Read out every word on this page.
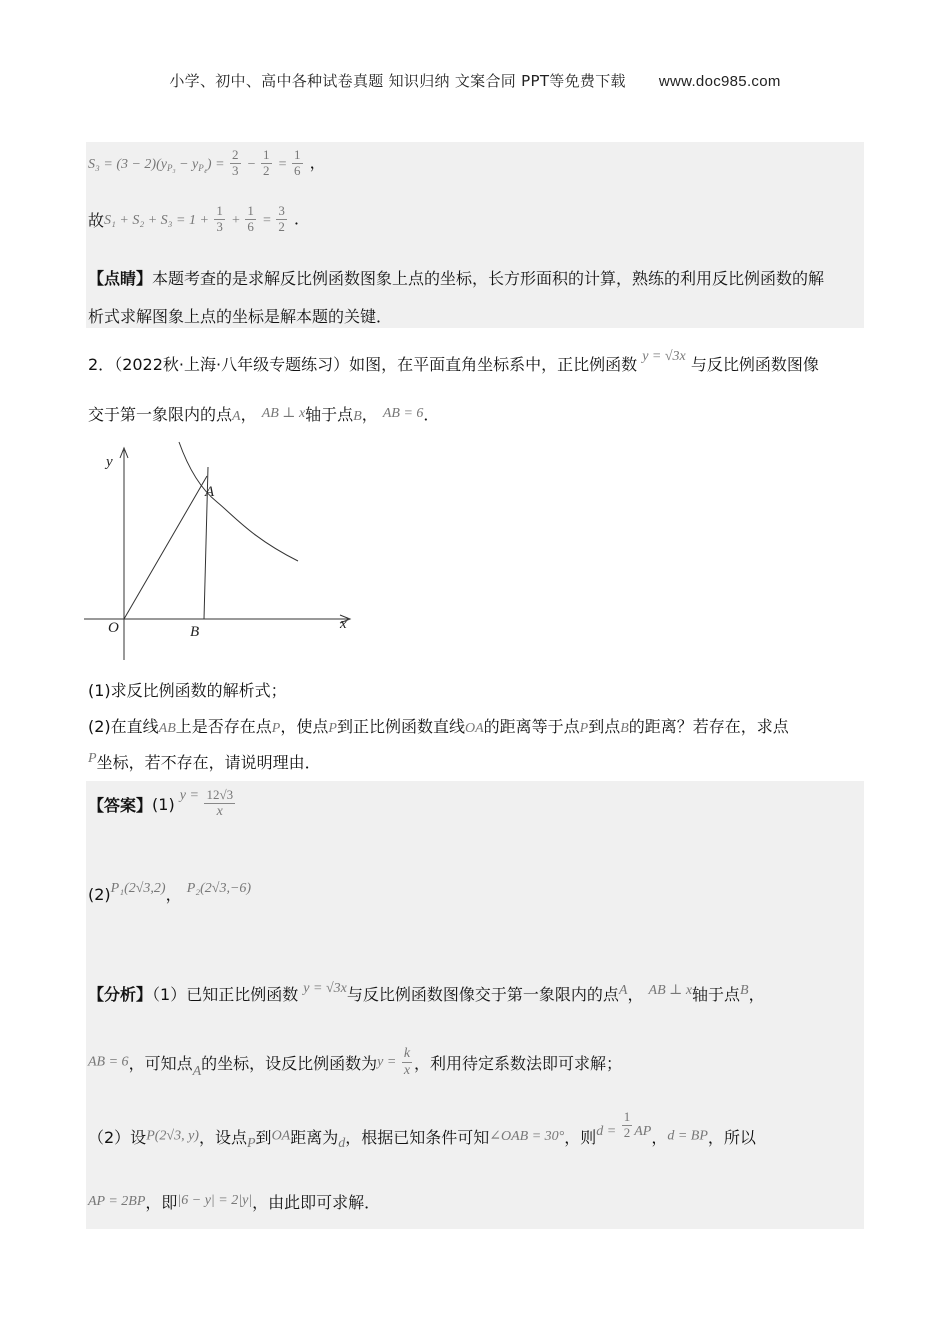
小学、初中、高中各种试卷真题 知识归纳 文案合同 PPT等免费下载 www.doc985.com
$S_3 = (3 - 2)(y_{P_3} - y_{P_4}) = \frac{2}{3} - \frac{1}{2} = \frac{1}{6}$ ，
故$S_1 + S_2 + S_3 = 1 + \frac{1}{3} + \frac{1}{6} = \frac{3}{2}$ ．
【点睛】本题考查的是求解反比例函数图象上点的坐标，长方形面积的计算，熟练的利用反比例函数的解
析式求解图象上点的坐标是解本题的关键．
2．（2022秋·上海·八年级专题练习）如图，在平面直角坐标系中，正比例函数 y = √3x 与反比例函数图像
交于第一象限内的点A， AB ⊥ x轴于点B， AB = 6．
y
x
O
A
B
(1)求反比例函数的解析式；
(2)在直线AB上是否存在点P，使点P到正比例函数直线OA的距离等于点P到点B的距离？若存在，求点
P坐标，若不存在，请说明理由．
【答案】(1) $y = \frac{12√3}{x}$
(2)P₁(2√3,2)， P₂(2√3,−6)
【分析】（1）已知正比例函数 y = √3x与反比例函数图像交于第一象限内的点A， AB ⊥ x轴于点B，
AB = 6，可知点A的坐标，设反比例函数为$y = \frac{k}{x}$ ，利用待定系数法即可求解；
（2）设P(2√3, y)，设点P到OA距离为d，根据已知条件可知∠OAB = 30°，则$d = \frac{1}{2}$ AP，d = BP，所以
AP = 2BP，即|6 − y| = 2|y|，由此即可求解．
